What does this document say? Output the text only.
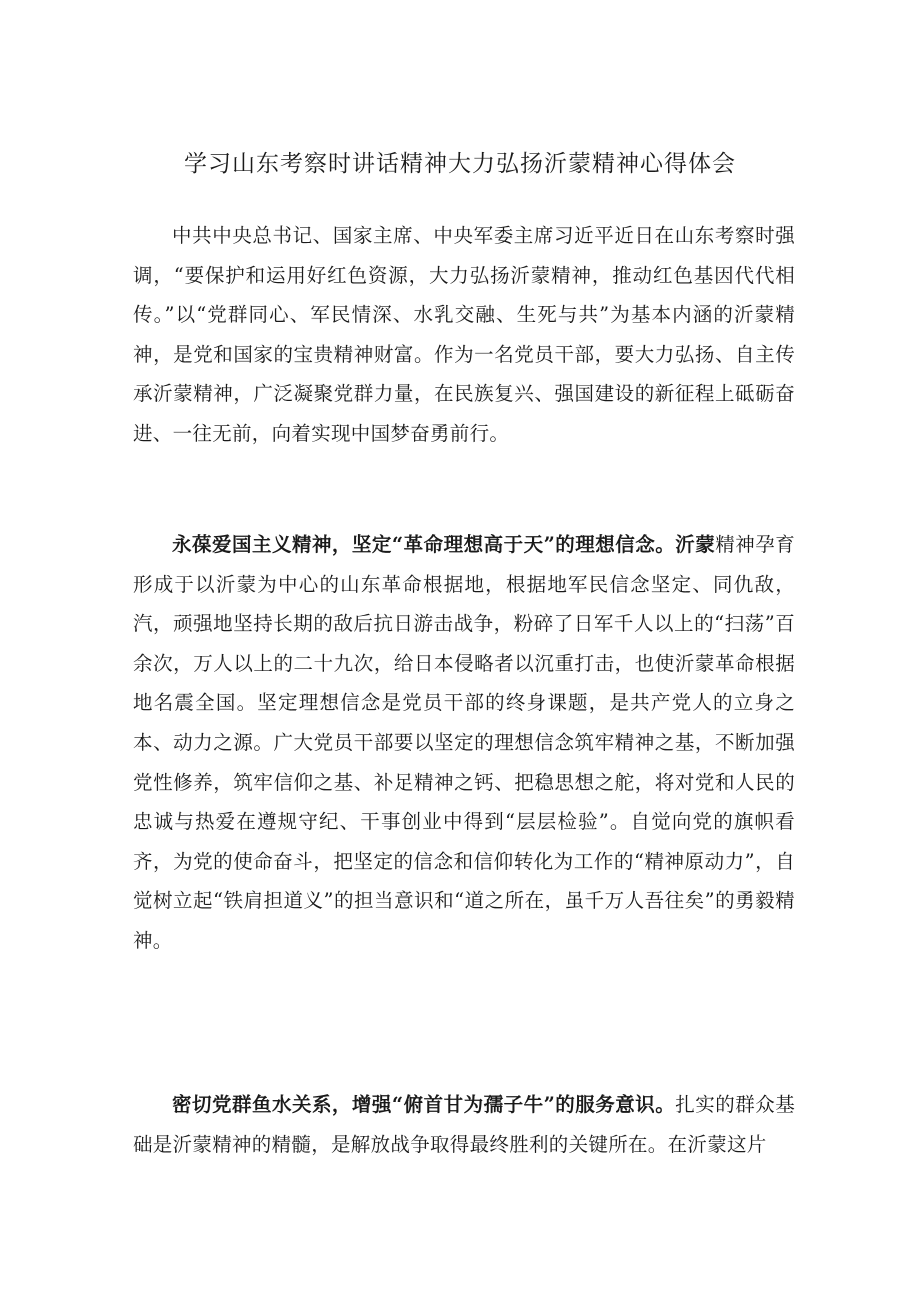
学习山东考察时讲话精神大力弘扬沂蒙精神心得体会

中共中央总书记、国家主席、中央军委主席习近平近日在山东考察时强调，“要保护和运用好红色资源，大力弘扬沂蒙精神，推动红色基因代代相传。”以“党群同心、军民情深、水乳交融、生死与共”为基本内涵的沂蒙精神，是党和国家的宝贵精神财富。作为一名党员干部，要大力弘扬、自主传承沂蒙精神，广泛凝聚党群力量，在民族复兴、强国建设的新征程上砥砺奋进、一往无前，向着实现中国梦奋勇前行。

永葆爱国主义精神，坚定“革命理想高于天”的理想信念。沂蒙精神孕育形成于以沂蒙为中心的山东革命根据地，根据地军民信念坚定、同仇敌，汽，顽强地坚持长期的敌后抗日游击战争，粉碎了日军千人以上的“扫荡”百余次，万人以上的二十九次，给日本侵略者以沉重打击，也使沂蒙革命根据地名震全国。坚定理想信念是党员干部的终身课题，是共产党人的立身之本、动力之源。广大党员干部要以坚定的理想信念筑牢精神之基，不断加强党性修养，筑牢信仰之基、补足精神之钙、把稳思想之舵，将对党和人民的忠诚与热爱在遵规守纪、干事创业中得到“层层检验”。自觉向党的旗帜看齐，为党的使命奋斗，把坚定的信念和信仰转化为工作的“精神原动力”，自觉树立起“铁肩担道义”的担当意识和“道之所在，虽千万人吾往矣”的勇毅精神。

密切党群鱼水关系，增强“俯首甘为孺子牛”的服务意识。扎实的群众基础是沂蒙精神的精髓，是解放战争取得最终胜利的关键所在。在沂蒙这片
